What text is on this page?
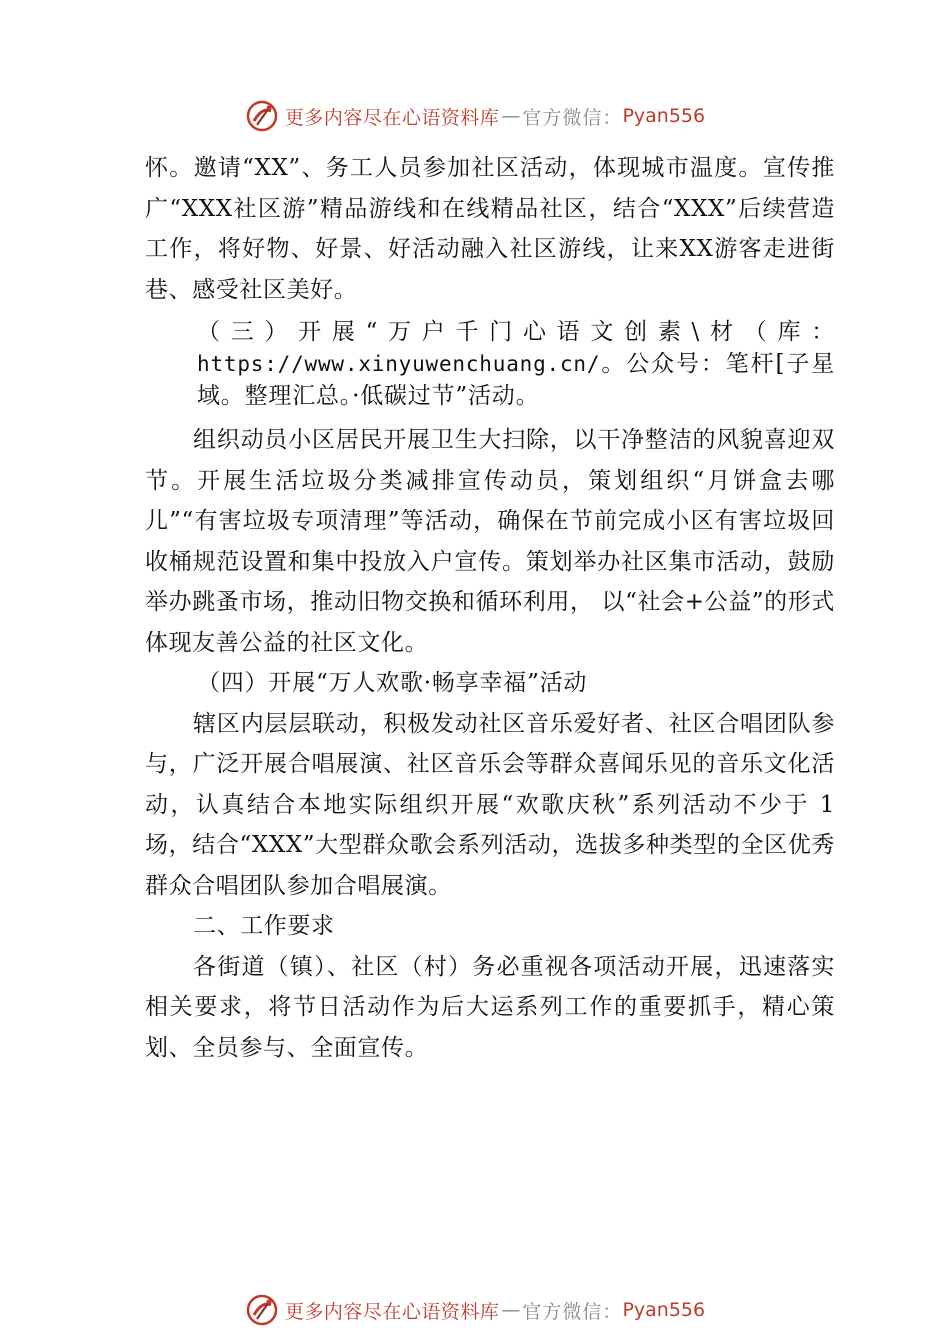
更多内容尽在心语资料库 — 官方微信： Pyan556

怀。邀请“XX”、务工人员参加社区活动，体现城市温度。宣传推广“XXX社区游”精品游线和在线精品社区，结合“XXX”后续营造工作，将好物、好景、好活动融入社区游线，让来XX游客走进街巷、感受社区美好。

（三）开展“万户千门心语文创素\材（库：https://www.xinyuwenchuang.cn/。公众号：笔杆[子星域。整理汇总。·低碳过节”活动。

组织动员小区居民开展卫生大扫除，以干净整洁的风貌喜迎双节。开展生活垃圾分类减排宣传动员，策划组织“月饼盒去哪儿”“有害垃圾专项清理”等活动，确保在节前完成小区有害垃圾回收桶规范设置和集中投放入户宣传。策划举办社区集市活动，鼓励举办跳蚤市场，推动旧物交换和循环利用， 以“社会+公益”的形式体现友善公益的社区文化。

（四）开展“万人欢歌·畅享幸福”活动

辖区内层层联动，积极发动社区音乐爱好者、社区合唱团队参与，广泛开展合唱展演、社区音乐会等群众喜闻乐见的音乐文化活动，认真结合本地实际组织开展“欢歌庆秋”系列活动不少于 1 场，结合“XXX”大型群众歌会系列活动，选拔多种类型的全区优秀群众合唱团队参加合唱展演。

二、工作要求

各街道（镇）、社区（村）务必重视各项活动开展，迅速落实相关要求，将节日活动作为后大运系列工作的重要抓手，精心策划、全员参与、全面宣传。

更多内容尽在心语资料库 — 官方微信： Pyan556
